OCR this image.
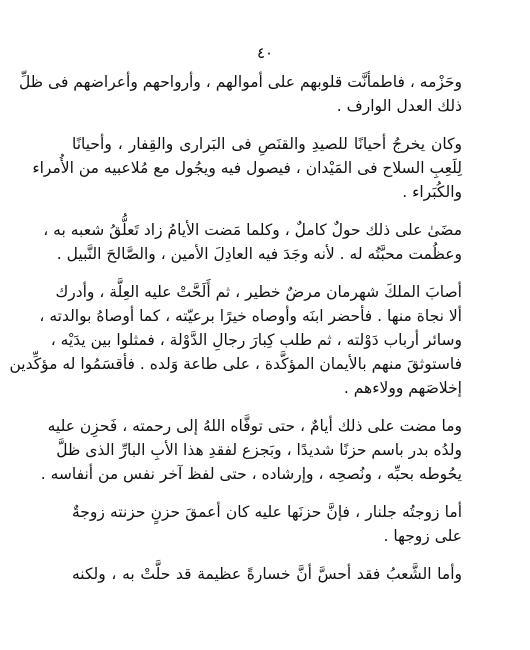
٤٠
وحَزْمه ، فاطمأنَّت قلوبهم على أموالهم ، وأرواحهم وأعراضهم فى ظلِّ
ذلك العدل الوارف .
وكان يخرجُ أحيانًا للصيدِ والقنَصِ فى البَرارى والقِفار ، وأحيانًا
لِلَعِبِ السلاح فى المَيْدان ، فيصول فيه ويجُول مع مُلاعبيه من الأُمراء
والكُبَراء .
مضَىٰ على ذلك حولٌ كاملٌ ، وكلما مَضت الأيامُ زاد تَعلُّقُ شعبه به ،
وعظُمت محبَّتُه له . لأنه وجَدَ فيه العادِلَ الأمين ، والصَّالحَ النَّبيل .
أصابَ الملكَ شهرمان مرضٌ خطير ، ثم أَلَحَّتْ عليه العِلَّة ، وأدرك
ألا نجاة منها . فأحضر ابنَه وأوصاه خيرًا برعيّته ، كما أوصاهُ بوالدته ،
وسائر أرباب دَوْلته ، ثم طلب كِبارَ رجالِ الدَّوْلة ، فمثلوا بين يدَيْه ،
فاستوثقَ منهم بالأيمان المؤكَّدة ، على طاعة وَلده . فأقسَمُوا له مؤكِّدين
إخلاصَهم وولاءهم .
وما مضت على ذلك أيامٌ ، حتى توفَّاه اللهُ إلى رحمته ، فَحزِن عليه
ولدُه بدر باسم حزنًا شديدًا ، وبَجزع لفقدِ هذا الأبِ البارِّ الذى ظلَّ
يحُوطه بحبِّه ، ونُصحِه ، وإرشاده ، حتى لفظ آخر نفس من أنفاسه .
أما زوجتُه جلنار ، فإنَّ حزنَها عليه كان أعمقَ حزنٍ حزنته زوجةٌ
على زوجها .
وأما الشَّعبُ فقد أحسَّ أنَّ خسارةً عظيمة قد حلَّتْ به ، ولكنه
